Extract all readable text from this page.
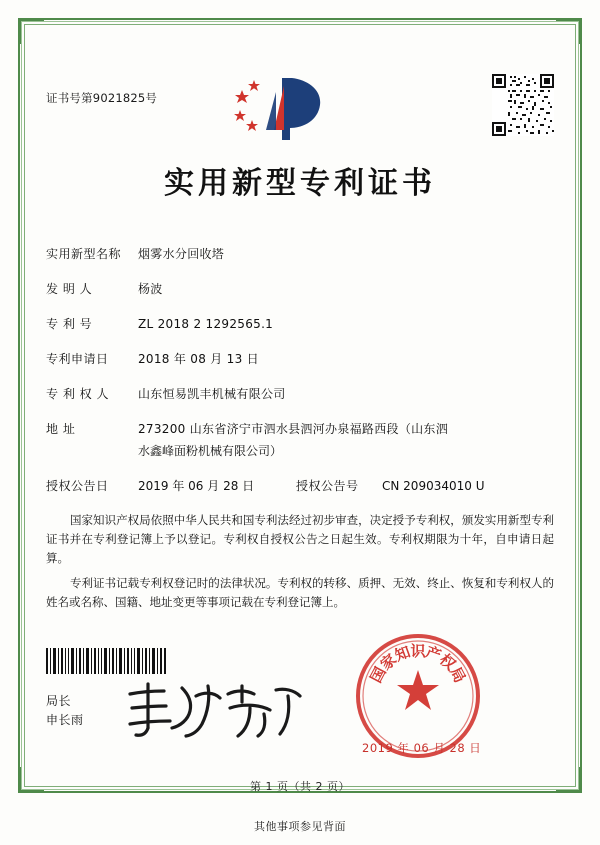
证书号第9021825号
实用新型专利证书
实用新型名称	烟雾水分回收塔
发 明 人	杨波
专 利 号	ZL 2018 2 1292565.1
专利申请日	2018 年 08 月 13 日
专 利 权 人	山东恒易凯丰机械有限公司
地 址	273200 山东省济宁市泗水县泗河办泉福路西段（山东泗
水鑫峰面粉机械有限公司）
授权公告日	2019 年 06 月 28 日	授权公告号	CN 209034010 U

国家知识产权局依照中华人民共和国专利法经过初步审查，决定授予专利权，颁发实用新型专利证书并在专利登记簿上予以登记。专利权自授权公告之日起生效。专利权期限为十年，自申请日起算。

专利证书记载专利权登记时的法律状况。专利权的转移、质押、无效、终止、恢复和专利权人的姓名或名称、国籍、地址变更等事项记载在专利登记簿上。

局长
申长雨
国
家
知
识
产
权
局
2019 年 06 月 28 日
第 1 页（共 2 页）
其他事项参见背面
